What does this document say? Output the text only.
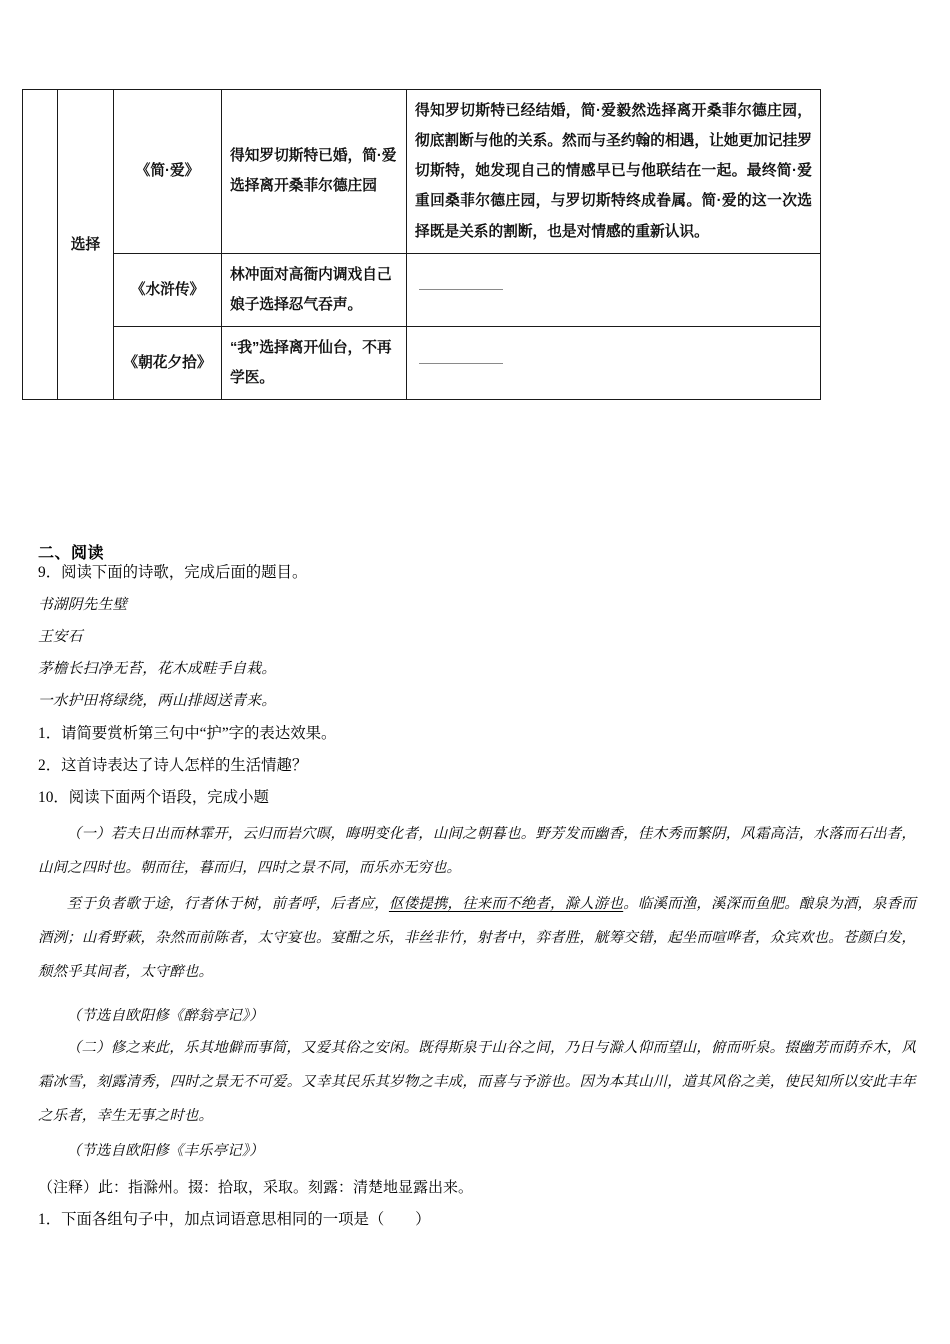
	选择	《简·爱》	得知罗切斯特已婚，简·爱选择离开桑菲尔德庄园	得知罗切斯特已经结婚，简·爱毅然选择离开桑菲尔德庄园，彻底割断与他的关系。然而与圣约翰的相遇，让她更加记挂罗切斯特，她发现自己的情感早已与他联结在一起。最终简·爱重回桑菲尔德庄园，与罗切斯特终成眷属。简·爱的这一次选择既是关系的割断，也是对情感的重新认识。
		《水浒传》	林冲面对高衙内调戏自己娘子选择忍气吞声。	
		《朝花夕拾》	“我”选择离开仙台，不再学医。	
二、阅读
9．阅读下面的诗歌，完成后面的题目。
书湖阴先生壁
王安石
茅檐长扫净无苔，花木成畦手自栽。
一水护田将绿绕，两山排闼送青来。
1．请简要赏析第三句中“护”字的表达效果。
2．这首诗表达了诗人怎样的生活情趣？
10．阅读下面两个语段，完成小题
（一）若夫日出而林霏开，云归而岩穴暝，晦明变化者，山间之朝暮也。野芳发而幽香，佳木秀而繁阴，风霜高洁，水落而石出者，山间之四时也。朝而往，暮而归，四时之景不同，而乐亦无穷也。
至于负者歌于途，行者休于树，前者呼，后者应，伛偻提携，往来而不绝者，滁人游也。临溪而渔，溪深而鱼肥。酿泉为酒，泉香而酒洌；山肴野蔌，杂然而前陈者，太守宴也。宴酣之乐，非丝非竹，射者中，弈者胜，觥筹交错，起坐而喧哗者，众宾欢也。苍颜白发，颓然乎其间者，太守醉也。
（节选自欧阳修《醉翁亭记》）
（二）修之来此，乐其地僻而事简，又爱其俗之安闲。既得斯泉于山谷之间，乃日与滁人仰而望山，俯而听泉。掇幽芳而荫乔木，风霜冰雪，刻露清秀，四时之景无不可爱。又幸其民乐其岁物之丰成，而喜与予游也。因为本其山川，道其风俗之美，使民知所以安此丰年之乐者，幸生无事之时也。
（节选自欧阳修《丰乐亭记》）
（注释）此：指滁州。掇：拾取，采取。刻露：清楚地显露出来。
1．下面各组句子中，加点词语意思相同的一项是（　　）
